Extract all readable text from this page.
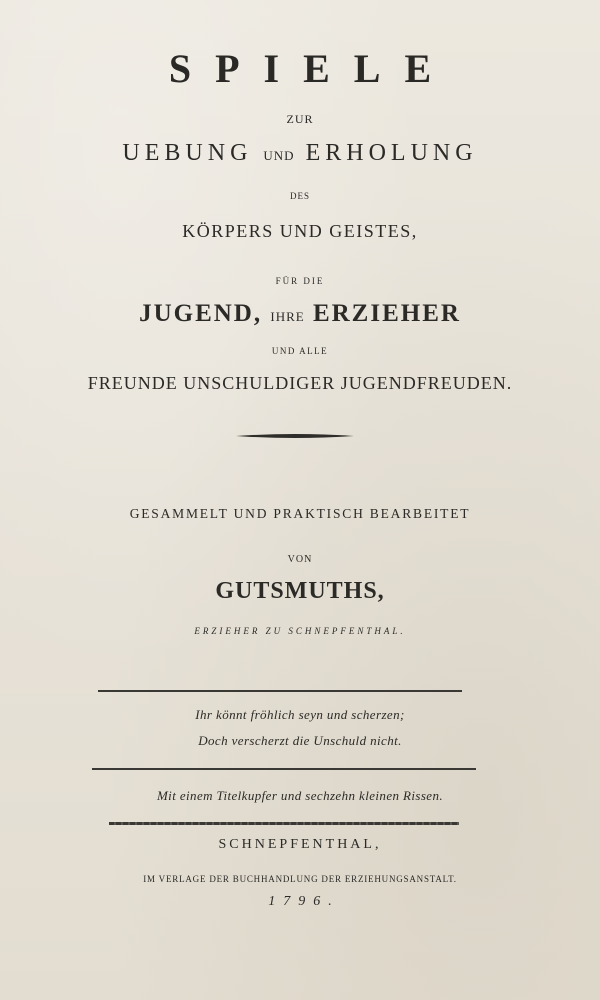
SPIELE
ZUR
UEBUNG UND ERHOLUNG
DES
KÖRPERS UND GEISTES,
FÜR DIE
JUGEND, IHRE ERZIEHER
UND ALLE
FREUNDE UNSCHULDIGER JUGENDFREUDEN.
GESAMMELT UND PRAKTISCH BEARBEITET
VON
GUTSMUTHS,
ERZIEHER ZU SCHNEPFENTHAL.
Ihr könnt fröhlich seyn und scherzen;
Doch verscherzt die Unschuld nicht.
Mit einem Titelkupfer und sechzehn kleinen Rissen.
SCHNEPFENTHAL,
IM VERLAGE DER BUCHHANDLUNG DER ERZIEHUNGSANSTALT.
1796.
